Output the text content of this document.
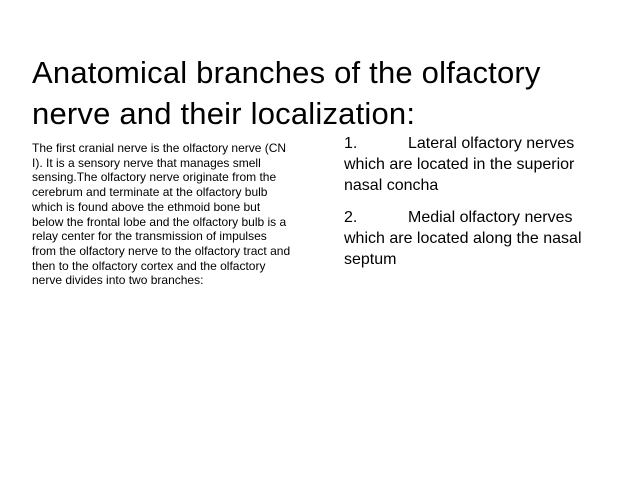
Anatomical branches of the olfactory nerve and their localization:

The first cranial nerve is the olfactory nerve (CN I). It is a sensory nerve that manages smell sensing.The olfactory nerve originate from the cerebrum and terminate at the olfactory bulb which is found above the ethmoid bone but below the frontal lobe and the olfactory bulb is a relay center for the transmission of impulses from the olfactory nerve to the olfactory tract and then to the olfactory cortex and the olfactory nerve divides into two branches:

1.	Lateral olfactory nerves which are located in the superior nasal concha

2.	Medial olfactory nerves which are located along the nasal septum
